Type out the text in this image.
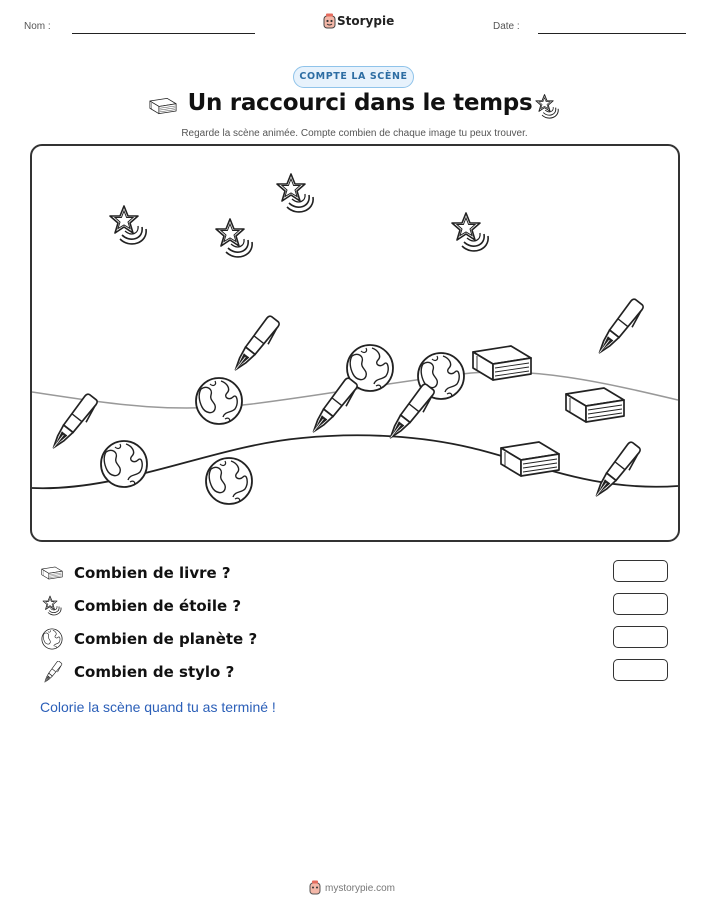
Nom :	Storypie	Date :
COMPTE LA SCÈNE
Un raccourci dans le temps
Regarde la scène animée. Compte combien de chaque image tu peux trouver.
Combien de livre ?
Combien de étoile ?
Combien de planète ?
Combien de stylo ?
Colorie la scène quand tu as terminé !
mystorypie.com
